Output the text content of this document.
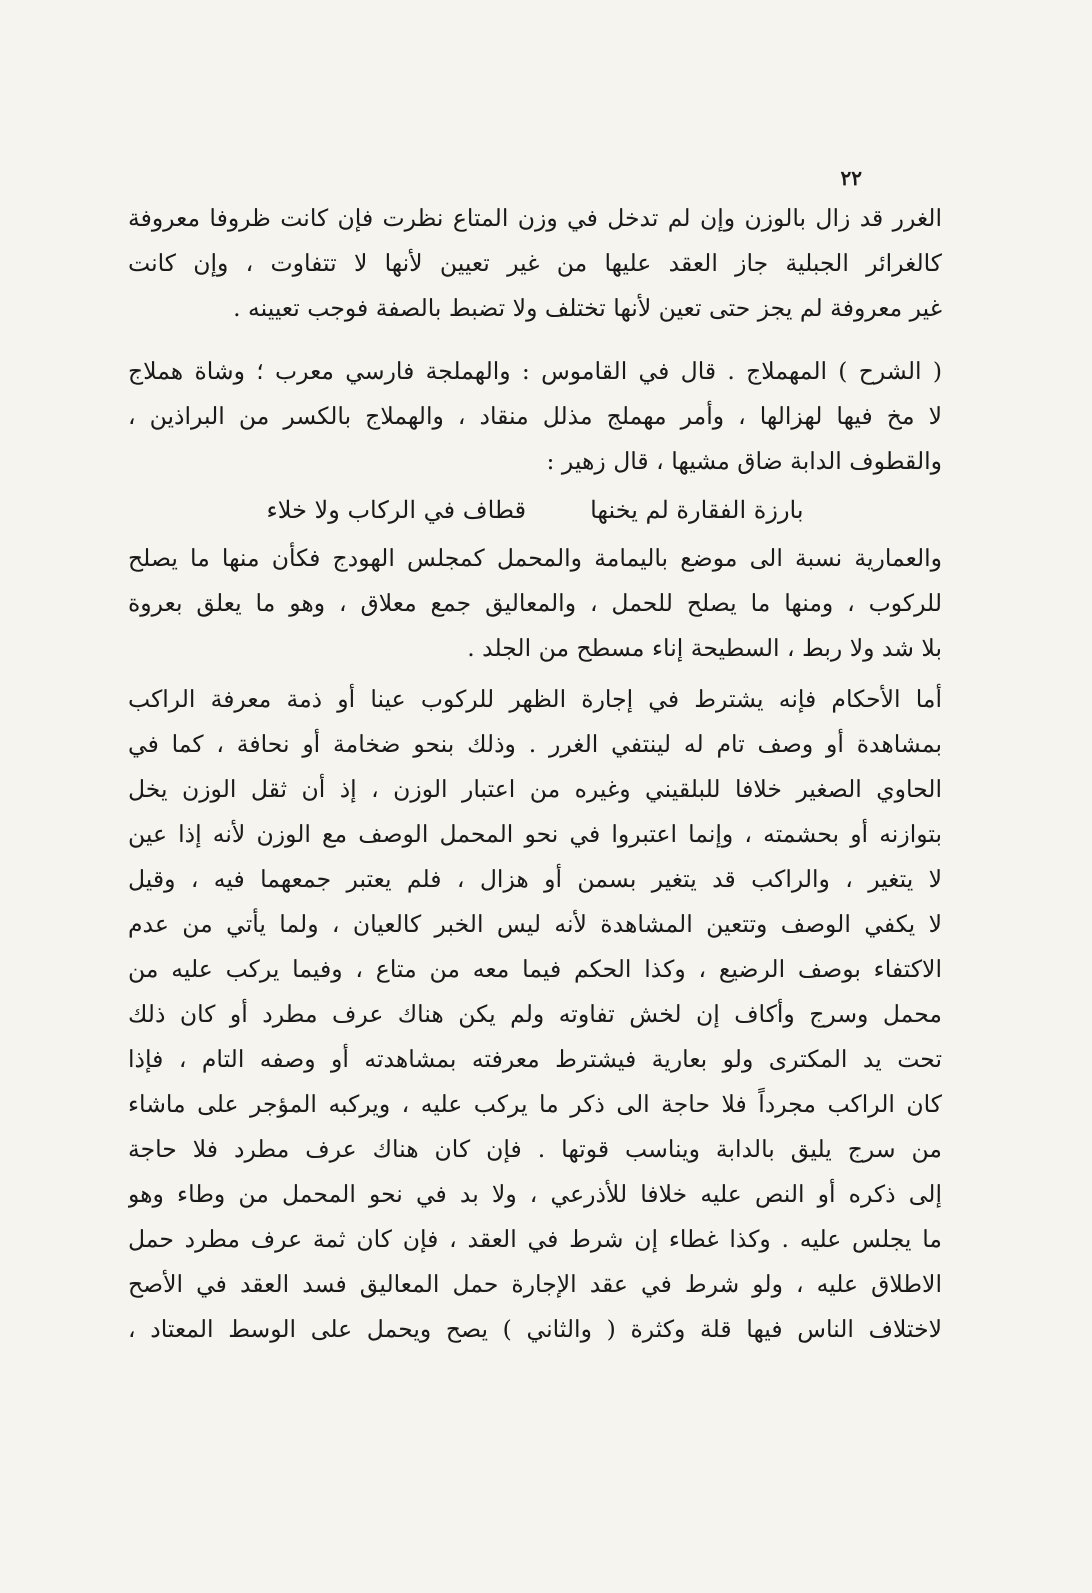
٢٢
الغرر قد زال بالوزن وإن لم تدخل في وزن المتاع نظرت فإن كانت ظروفا معروفة
كالغرائر الجبلية جاز العقد عليها من غير تعيين لأنها لا تتفاوت ، وإن كانت
غير معروفة لم يجز حتى تعين لأنها تختلف ولا تضبط بالصفة فوجب تعيينه .
( الشرح ) المهملاج . قال في القاموس : والهملجة فارسي معرب ؛ وشاة هملاج
لا مخ فيها لهزالها ، وأمر مهملج مذلل منقاد ، والهملاج بالكسر من البراذين ،
والقطوف الدابة ضاق مشيها ، قال زهير :
بارزة الفقارة لم يخنها
قطاف في الركاب ولا خلاء
والعمارية نسبة الى موضع باليمامة والمحمل كمجلس الهودج فكأن منها ما يصلح
للركوب ، ومنها ما يصلح للحمل ، والمعاليق جمع معلاق ، وهو ما يعلق بعروة
بلا شد ولا ربط ، السطيحة إناء مسطح من الجلد .
أما الأحكام فإنه يشترط في إجارة الظهر للركوب عينا أو ذمة معرفة الراكب
بمشاهدة أو وصف تام له لينتفي الغرر . وذلك بنحو ضخامة أو نحافة ، كما في
الحاوي الصغير خلافا للبلقيني وغيره من اعتبار الوزن ، إذ أن ثقل الوزن يخل
بتوازنه أو بحشمته ، وإنما اعتبروا في نحو المحمل الوصف مع الوزن لأنه إذا عين
لا يتغير ، والراكب قد يتغير بسمن أو هزال ، فلم يعتبر جمعهما فيه ، وقيل
لا يكفي الوصف وتتعين المشاهدة لأنه ليس الخبر كالعيان ، ولما يأتي من عدم
الاكتفاء بوصف الرضيع ، وكذا الحكم فيما معه من متاع ، وفيما يركب عليه من
محمل وسرج وأكاف إن لخش تفاوته ولم يكن هناك عرف مطرد أو كان ذلك
تحت يد المكترى ولو بعارية فيشترط معرفته بمشاهدته أو وصفه التام ، فإذا
كان الراكب مجرداً فلا حاجة الى ذكر ما يركب عليه ، ويركبه المؤجر على ماشاء
من سرج يليق بالدابة ويناسب قوتها . فإن كان هناك عرف مطرد فلا حاجة
إلى ذكره أو النص عليه خلافا للأذرعي ، ولا بد في نحو المحمل من وطاء وهو
ما يجلس عليه . وكذا غطاء إن شرط في العقد ، فإن كان ثمة عرف مطرد حمل
الاطلاق عليه ، ولو شرط في عقد الإجارة حمل المعاليق فسد العقد في الأصح
لاختلاف الناس فيها قلة وكثرة ( والثاني ) يصح ويحمل على الوسط المعتاد ،
